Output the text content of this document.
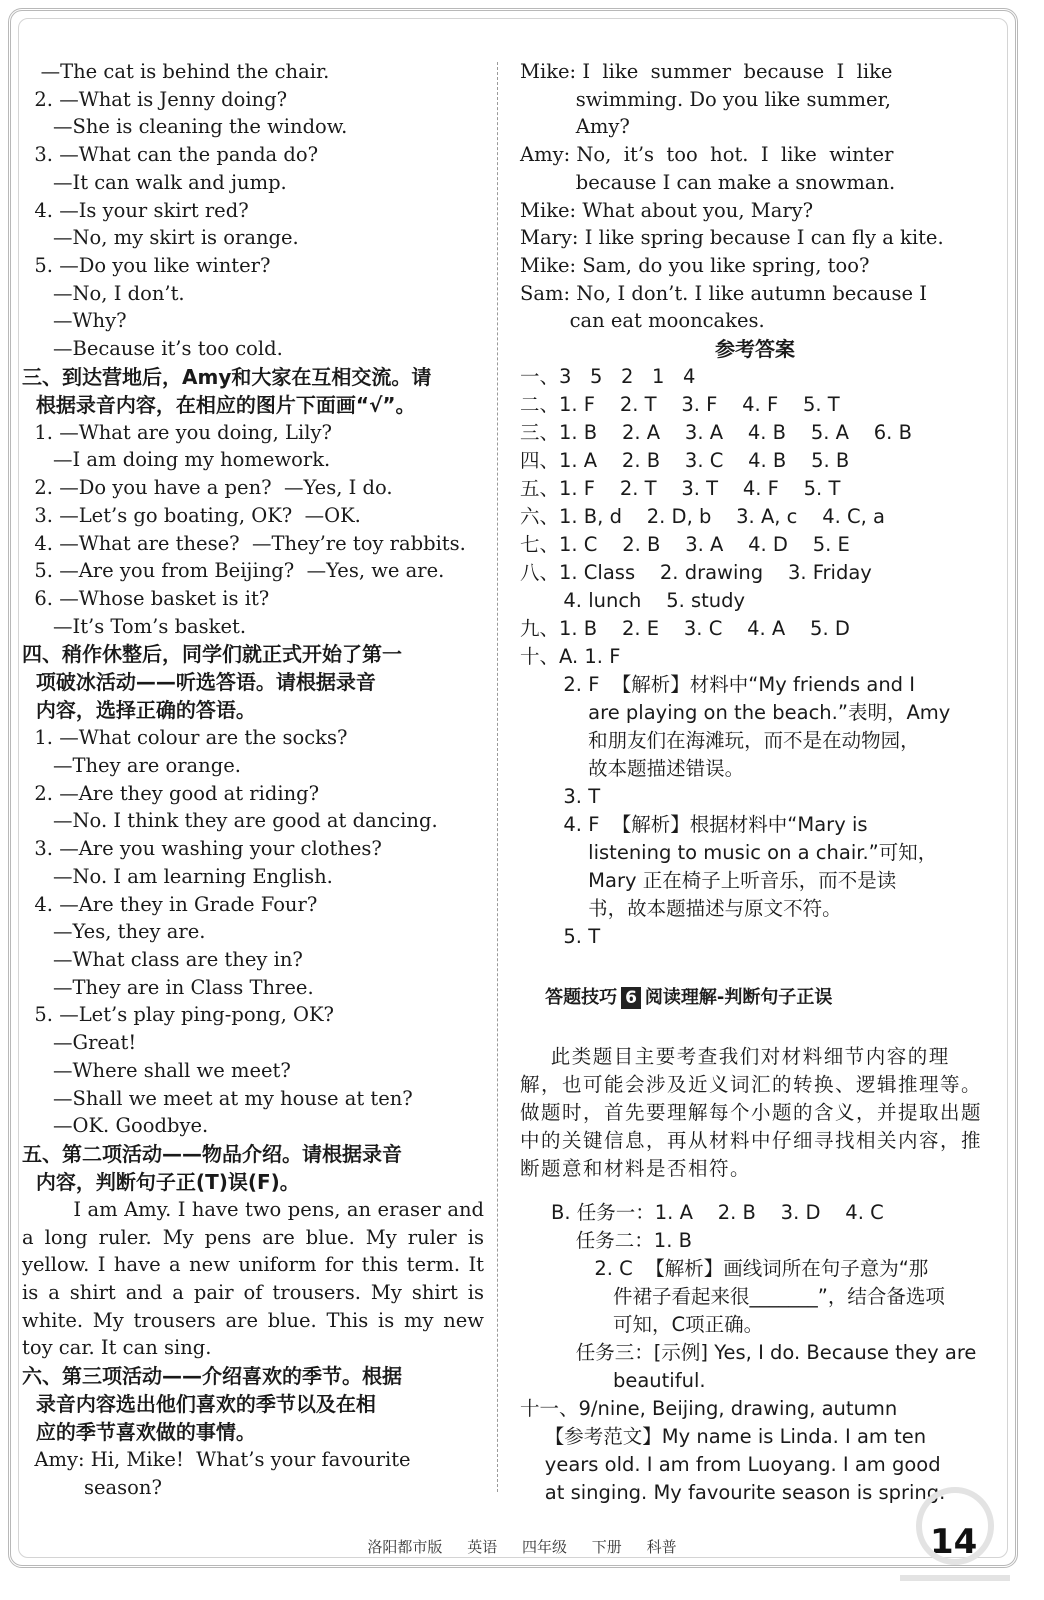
—The cat is behind the chair.
2. —What is Jenny doing?
—She is cleaning the window.
3. —What can the panda do?
—It can walk and jump.
4. —Is your skirt red?
—No, my skirt is orange.
5. —Do you like winter?
—No, I don’t.
—Why?
—Because it’s too cold.
三、到达营地后，Amy和大家在互相交流。请
根据录音内容，在相应的图片下面画“√”。
1. —What are you doing, Lily?
—I am doing my homework.
2. —Do you have a pen?  —Yes, I do.
3. —Let’s go boating, OK?  —OK.
4. —What are these?  —They’re toy rabbits.
5. —Are you from Beijing?  —Yes, we are.
6. —Whose basket is it?
—It’s Tom’s basket.
四、稍作休整后，同学们就正式开始了第一
项破冰活动——听选答语。请根据录音
内容，选择正确的答语。
1. —What colour are the socks?
—They are orange.
2. —Are they good at riding?
—No. I think they are good at dancing.
3. —Are you washing your clothes?
—No. I am learning English.
4. —Are they in Grade Four?
—Yes, they are.
—What class are they in?
—They are in Class Three.
5. —Let’s play ping-pong, OK?
—Great!
—Where shall we meet?
—Shall we meet at my house at ten?
—OK. Goodbye.
五、第二项活动——物品介绍。请根据录音
内容，判断句子正(T)误(F)。
I am Amy. I have two pens, an eraser and a long ruler. My pens are blue. My ruler is yellow. I have a new uniform for this term. It is a shirt and a pair of trousers. My shirt is white. My trousers are blue. This is my new toy car. It can sing.
六、第三项活动——介绍喜欢的季节。根据
录音内容选出他们喜欢的季节以及在相
应的季节喜欢做的事情。
Amy: Hi, Mike!  What’s your favourite
season?
Mike: I  like  summer  because  I  like
swimming. Do you like summer,
Amy?
Amy: No,  it’s  too  hot.  I  like  winter
because I can make a snowman.
Mike: What about you, Mary?
Mary: I like spring because I can fly a kite.
Mike: Sam, do you like spring, too?
Sam: No, I don’t. I like autumn because I
can eat mooncakes.
参考答案
一、3   5   2   1   4
二、1. F    2. T    3. F    4. F    5. T
三、1. B    2. A    3. A    4. B    5. A    6. B
四、1. A    2. B    3. C    4. B    5. B
五、1. F    2. T    3. T    4. F    5. T
六、1. B, d    2. D, b    3. A, c    4. C, a
七、1. C    2. B    3. A    4. D    5. E
八、1. Class    2. drawing    3. Friday
4. lunch    5. study
九、1. B    2. E    3. C    4. A    5. D
十、A. 1. F
2. F  【解析】材料中“My friends and I
are playing on the beach.”表明，Amy
和朋友们在海滩玩，而不是在动物园，
故本题描述错误。
3. T
4. F  【解析】根据材料中“Mary is
listening to music on a chair.”可知，
Mary 正在椅子上听音乐，而不是读
书，故本题描述与原文不符。
5. T

答题技巧 6 阅读理解-判断句子正误

此类题目主要考查我们对材料细节内容的理解，也可能会涉及近义词汇的转换、逻辑推理等。做题时，首先要理解每个小题的含义，并提取出题中的关键信息，再从材料中仔细寻找相关内容，推断题意和材料是否相符。
B. 任务一：1. A    2. B    3. D    4. C
任务二：1. B
2. C  【解析】画线词所在句子意为“那
件裙子看起来很_______”，结合备选项
可知，C项正确。
任务三：[示例] Yes, I do. Because they are
beautiful.
十一、9/nine, Beijing, drawing, autumn
【参考范文】My name is Linda. I am ten
years old. I am from Luoyang. I am good
at singing. My favourite season is spring.
洛阳都市版 英语 四年级 下册 科普	14
